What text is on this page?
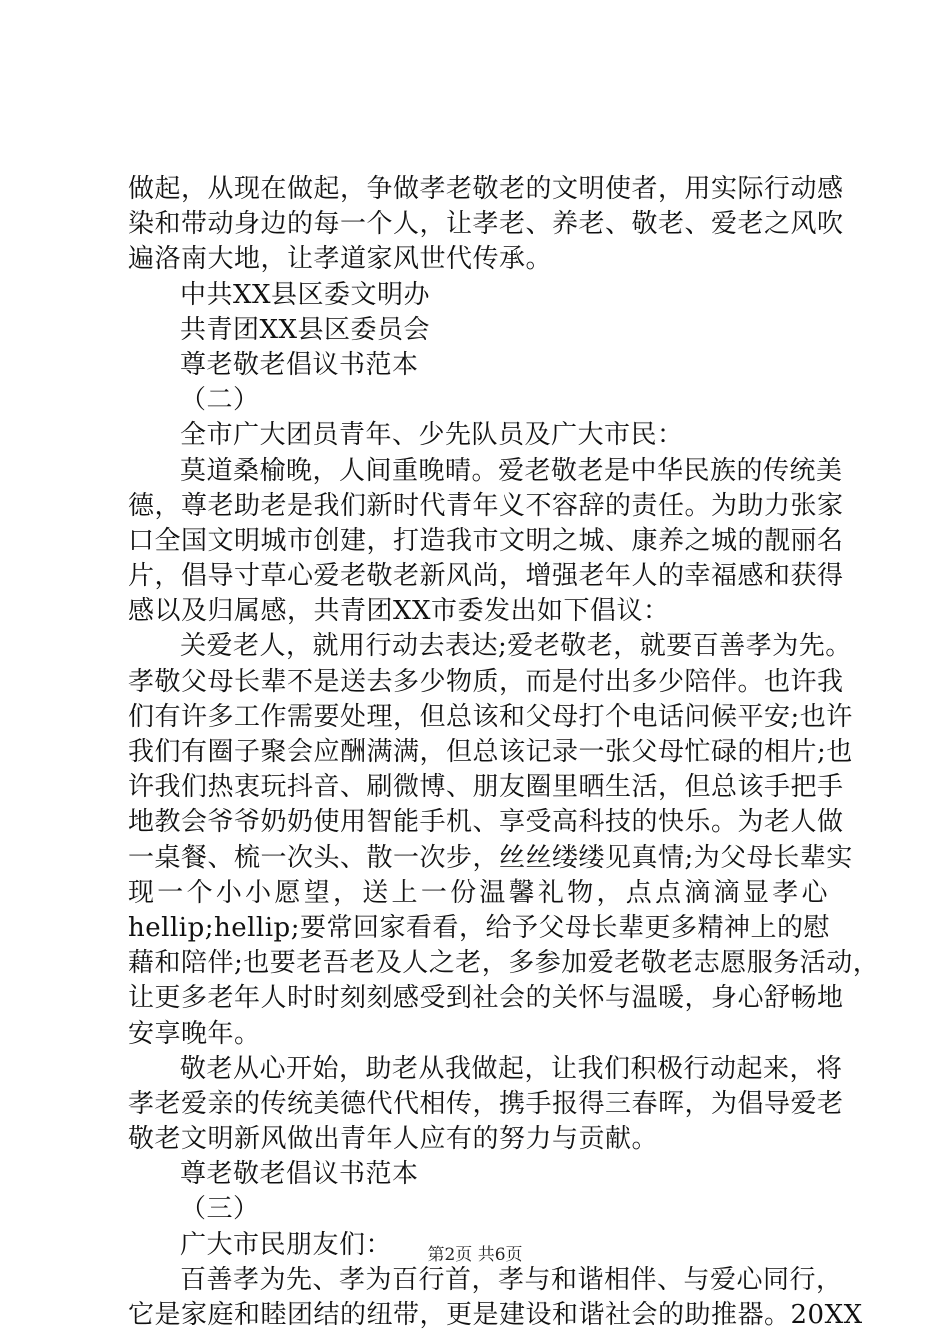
做起，从现在做起，争做孝老敬老的文明使者，用实际行动感
染和带动身边的每一个人，让孝老、养老、敬老、爱老之风吹
遍洛南大地，让孝道家风世代传承。
中共XX县区委文明办
共青团XX县区委员会
尊老敬老倡议书范本
（二）
全市广大团员青年、少先队员及广大市民：
莫道桑榆晚，人间重晚晴。爱老敬老是中华民族的传统美
德，尊老助老是我们新时代青年义不容辞的责任。为助力张家
口全国文明城市创建，打造我市文明之城、康养之城的靓丽名
片，倡导寸草心爱老敬老新风尚，增强老年人的幸福感和获得
感以及归属感，共青团XX市委发出如下倡议：
关爱老人，就用行动去表达;爱老敬老，就要百善孝为先。
孝敬父母长辈不是送去多少物质，而是付出多少陪伴。也许我
们有许多工作需要处理，但总该和父母打个电话问候平安;也许
我们有圈子聚会应酬满满，但总该记录一张父母忙碌的相片;也
许我们热衷玩抖音、刷微博、朋友圈里晒生活，但总该手把手
地教会爷爷奶奶使用智能手机、享受高科技的快乐。为老人做
一桌餐、梳一次头、散一次步，丝丝缕缕见真情;为父母长辈实
现一个小小愿望，送上一份温馨礼物，点点滴滴显孝心
hellip;hellip;要常回家看看，给予父母长辈更多精神上的慰
藉和陪伴;也要老吾老及人之老，多参加爱老敬老志愿服务活动，
让更多老年人时时刻刻感受到社会的关怀与温暖，身心舒畅地
安享晚年。
敬老从心开始，助老从我做起，让我们积极行动起来，将
孝老爱亲的传统美德代代相传，携手报得三春晖，为倡导爱老
敬老文明新风做出青年人应有的努力与贡献。
尊老敬老倡议书范本
（三）
广大市民朋友们：
百善孝为先、孝为百行首，孝与和谐相伴、与爱心同行，
它是家庭和睦团结的纽带，更是建设和谐社会的助推器。20XX
第2页 共6页
